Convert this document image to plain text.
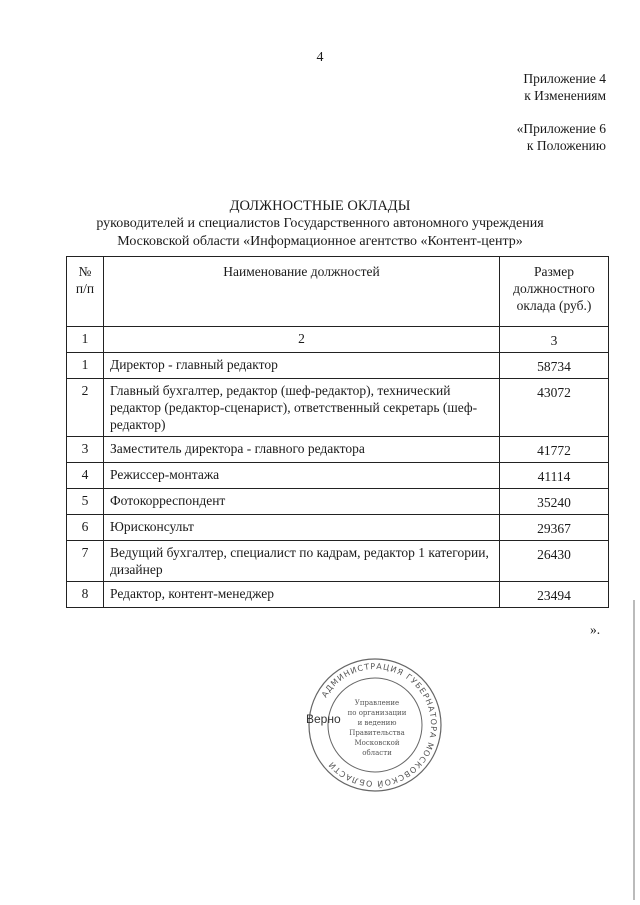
4
Приложение 4
к Изменениям
«Приложение 6
к Положению
ДОЛЖНОСТНЫЕ ОКЛАДЫ
руководителей и специалистов Государственного автономного учреждения
Московской области «Информационное агентство «Контент-центр»
№ п/п	Наименование должностей	Размер должностного оклада (руб.)
1	2	3
1	Директор - главный редактор	58734
2	Главный бухгалтер, редактор (шеф-редактор), технический редактор (редактор-сценарист), ответственный секретарь (шеф-редактор)	43072
3	Заместитель директора - главного редактора	41772
4	Режиссер-монтажа	41114
5	Фотокорреспондент	35240
6	Юрисконсульт	29367
7	Ведущий бухгалтер, специалист по кадрам, редактор 1 категории, дизайнер	26430
8	Редактор, контент-менеджер	23494
».
АДМИНИСТРАЦИЯ ГУБЕРНАТОРА МОСКОВСКОЙ ОБЛАСТИ
Управление
по организации
и ведению
Правительства
Московской
области
Верно
